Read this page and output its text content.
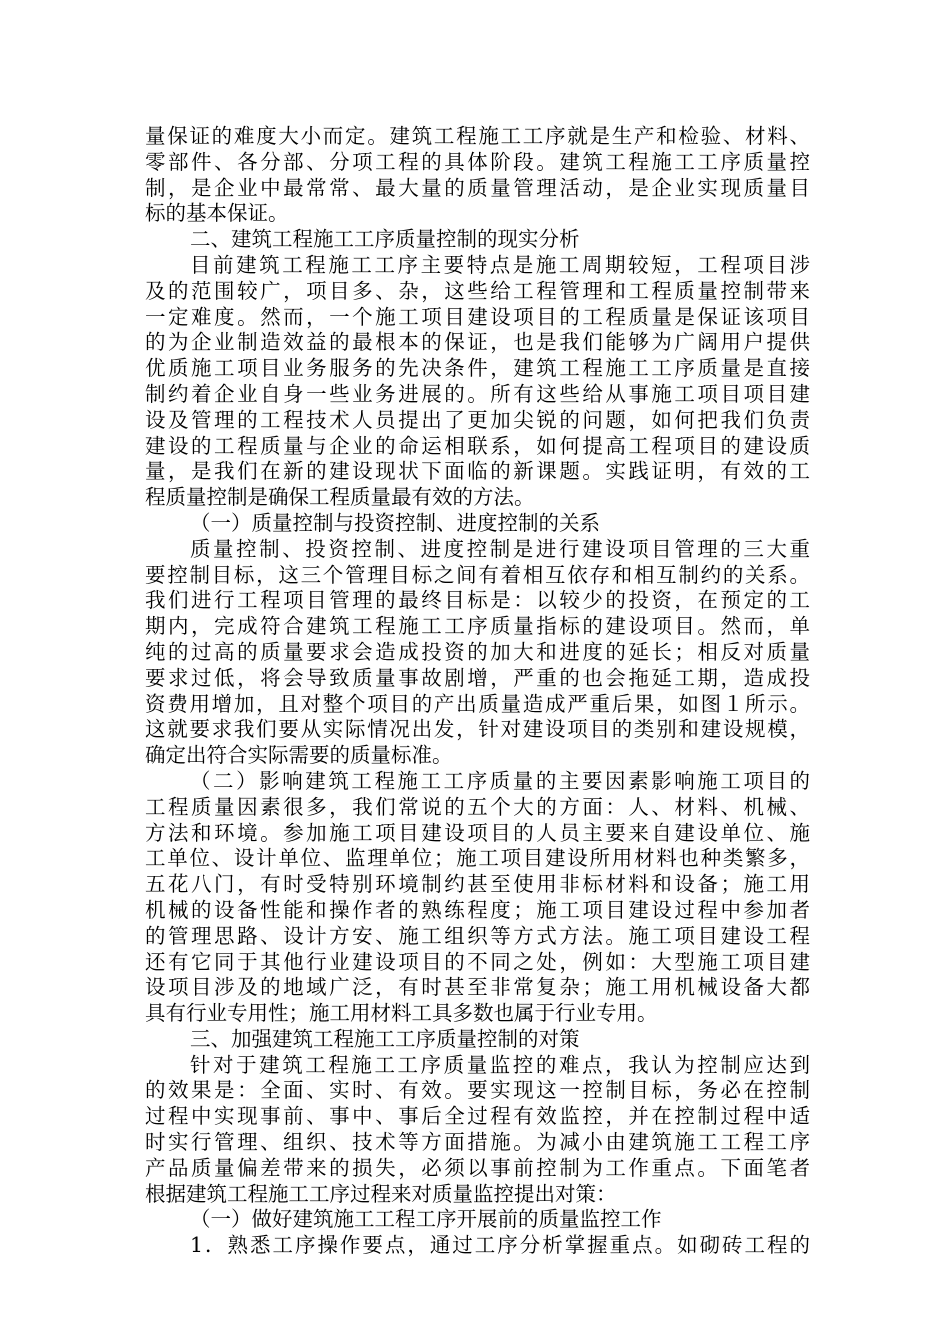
量保证的难度大小而定。建筑工程施工工序就是生产和检验、材料、
零部件、各分部、分项工程的具体阶段。建筑工程施工工序质量控
制，是企业中最常常、最大量的质量管理活动，是企业实现质量目
标的基本保证。
二、建筑工程施工工序质量控制的现实分析
目前建筑工程施工工序主要特点是施工周期较短，工程项目涉
及的范围较广，项目多、杂，这些给工程管理和工程质量控制带来
一定难度。然而，一个施工项目建设项目的工程质量是保证该项目
的为企业制造效益的最根本的保证，也是我们能够为广阔用户提供
优质施工项目业务服务的先决条件，建筑工程施工工序质量是直接
制约着企业自身一些业务进展的。所有这些给从事施工项目项目建
设及管理的工程技术人员提出了更加尖锐的问题，如何把我们负责
建设的工程质量与企业的命运相联系，如何提高工程项目的建设质
量，是我们在新的建设现状下面临的新课题。实践证明，有效的工
程质量控制是确保工程质量最有效的方法。
（一）质量控制与投资控制、进度控制的关系
质量控制、投资控制、进度控制是进行建设项目管理的三大重
要控制目标，这三个管理目标之间有着相互依存和相互制约的关系。
我们进行工程项目管理的最终目标是：以较少的投资，在预定的工
期内，完成符合建筑工程施工工序质量指标的建设项目。然而，单
纯的过高的质量要求会造成投资的加大和进度的延长；相反对质量
要求过低，将会导致质量事故剧增，严重的也会拖延工期，造成投
资费用增加，且对整个项目的产出质量造成严重后果，如图１所示。
这就要求我们要从实际情况出发，针对建设项目的类别和建设规模，
确定出符合实际需要的质量标准。
（二）影响建筑工程施工工序质量的主要因素影响施工项目的
工程质量因素很多，我们常说的五个大的方面：人、材料、机械、
方法和环境。参加施工项目建设项目的人员主要来自建设单位、施
工单位、设计单位、监理单位；施工项目建设所用材料也种类繁多，
五花八门，有时受特别环境制约甚至使用非标材料和设备；施工用
机械的设备性能和操作者的熟练程度；施工项目建设过程中参加者
的管理思路、设计方安、施工组织等方式方法。施工项目建设工程
还有它同于其他行业建设项目的不同之处，例如：大型施工项目建
设项目涉及的地域广泛，有时甚至非常复杂；施工用机械设备大都
具有行业专用性；施工用材料工具多数也属于行业专用。
三、加强建筑工程施工工序质量控制的对策
针对于建筑工程施工工序质量监控的难点，我认为控制应达到
的效果是：全面、实时、有效。要实现这一控制目标，务必在控制
过程中实现事前、事中、事后全过程有效监控，并在控制过程中适
时实行管理、组织、技术等方面措施。为减小由建筑施工工程工序
产品质量偏差带来的损失，必须以事前控制为工作重点。下面笔者
根据建筑工程施工工序过程来对质量监控提出对策：
（一）做好建筑施工工程工序开展前的质量监控工作
1．熟悉工序操作要点，通过工序分析掌握重点。如砌砖工程的
